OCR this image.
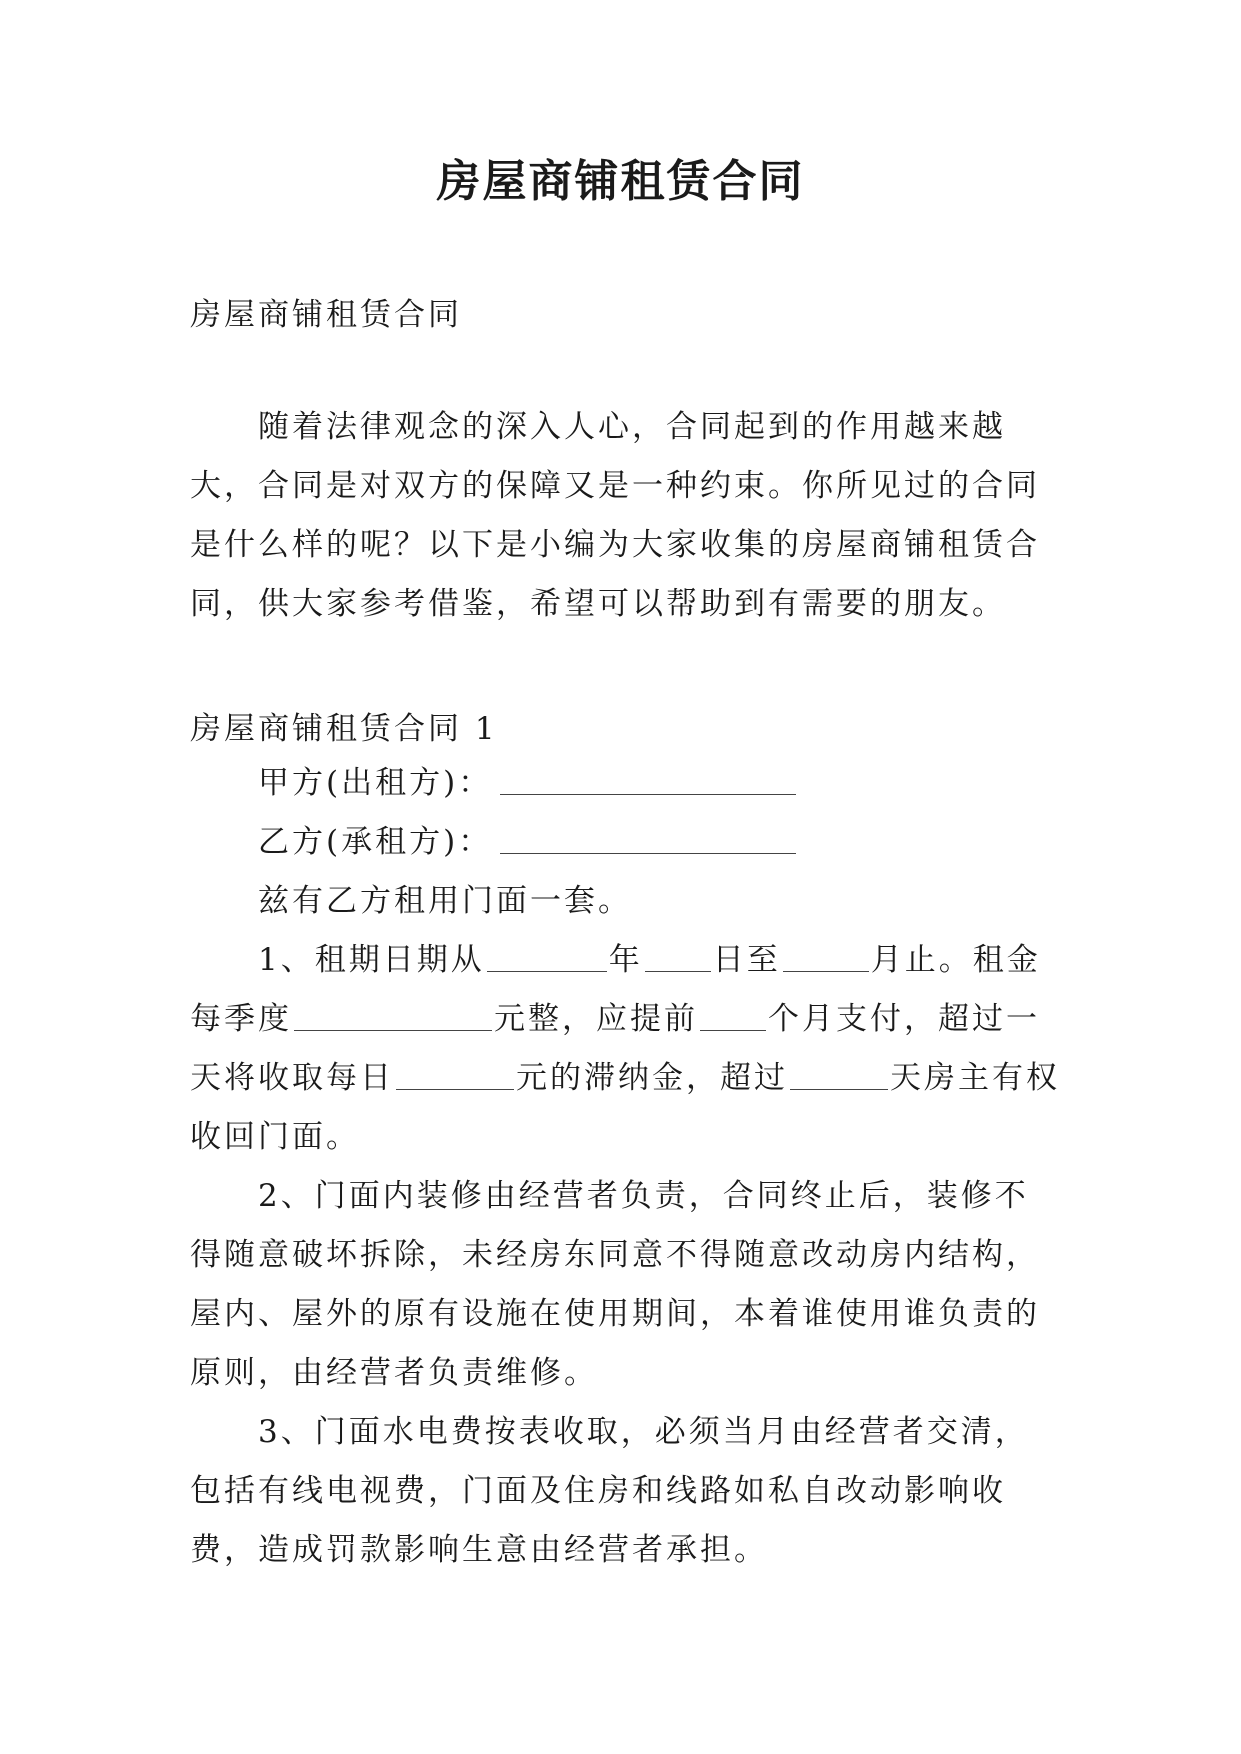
房屋商铺租赁合同

房屋商铺租赁合同

随着法律观念的深入人心，合同起到的作用越来越大，合同是对双方的保障又是一种约束。你所见过的合同是什么样的呢？以下是小编为大家收集的房屋商铺租赁合同，供大家参考借鉴，希望可以帮助到有需要的朋友。

房屋商铺租赁合同 1

甲方(出租方)：

乙方(承租方)：

兹有乙方租用门面一套。

1、租期日期从	年 日至	月止。租金每季度	元整，应提前 个月支付，超过一天将收取每日	元的滞纳金，超过	天房主有权收回门面。

2、门面内装修由经营者负责，合同终止后，装修不得随意破坏拆除，未经房东同意不得随意改动房内结构，屋内、屋外的原有设施在使用期间，本着谁使用谁负责的原则，由经营者负责维修。

3、门面水电费按表收取，必须当月由经营者交清，包括有线电视费，门面及住房和线路如私自改动影响收费，造成罚款影响生意由经营者承担。
